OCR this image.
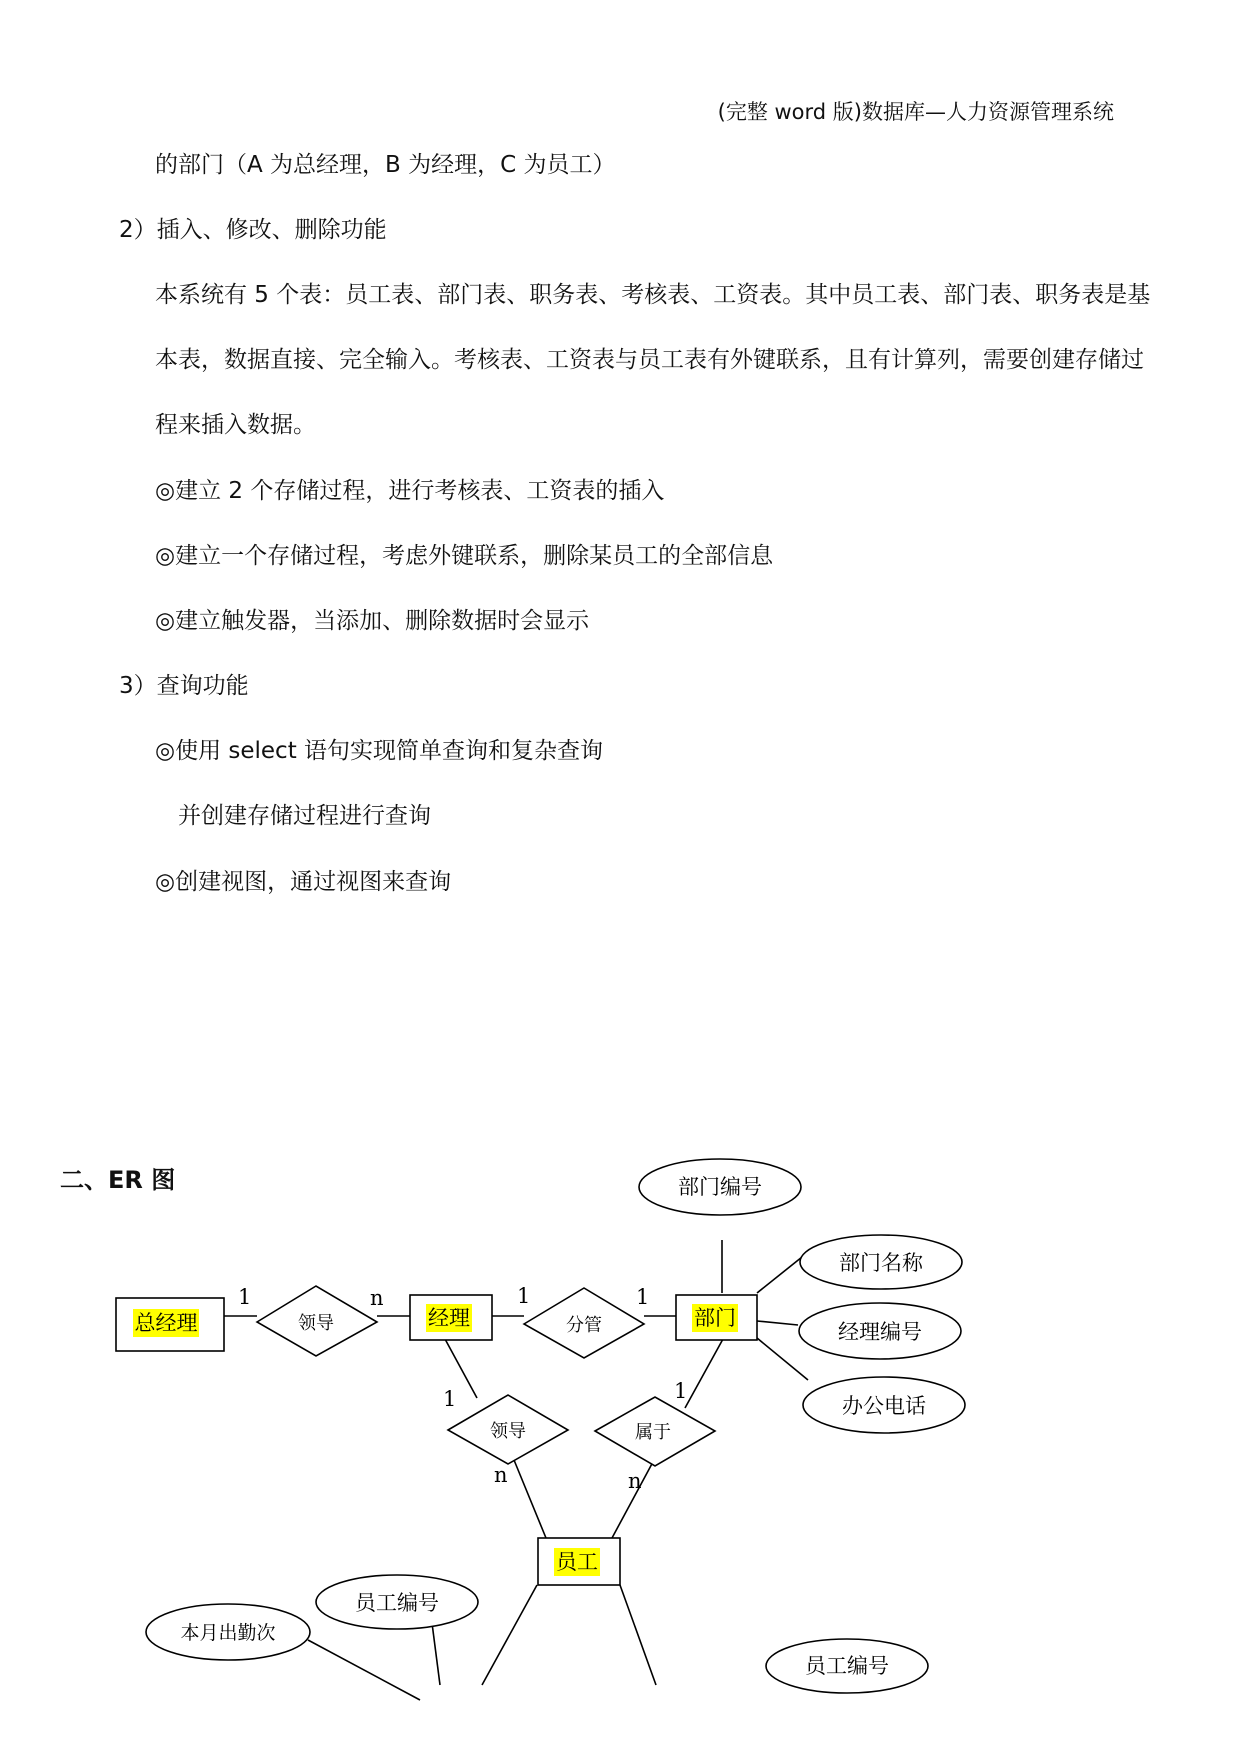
(完整 word 版)数据库—人力资源管理系统
的部门（A 为总经理，B 为经理，C 为员工）
2）插入、修改、删除功能
本系统有 5 个表：员工表、部门表、职务表、考核表、工资表。其中员工表、部门表、职务表是基
本表，数据直接、完全输入。考核表、工资表与员工表有外键联系，且有计算列，需要创建存储过
程来插入数据。
◎建立 2 个存储过程，进行考核表、工资表的插入
◎建立一个存储过程，考虑外键联系，删除某员工的全部信息
◎建立触发器，当添加、删除数据时会显示
3）查询功能
◎使用 select 语句实现简单查询和复杂查询
并创建存储过程进行查询
◎创建视图，通过视图来查询
二、ER 图
总经理	经理	部门
员工
领导	分管
领导	属于
部门编号
部门名称
经理编号
办公电话
员工编号
本月出勤次
员工编号
1	n	1	1
1	1
n	n
